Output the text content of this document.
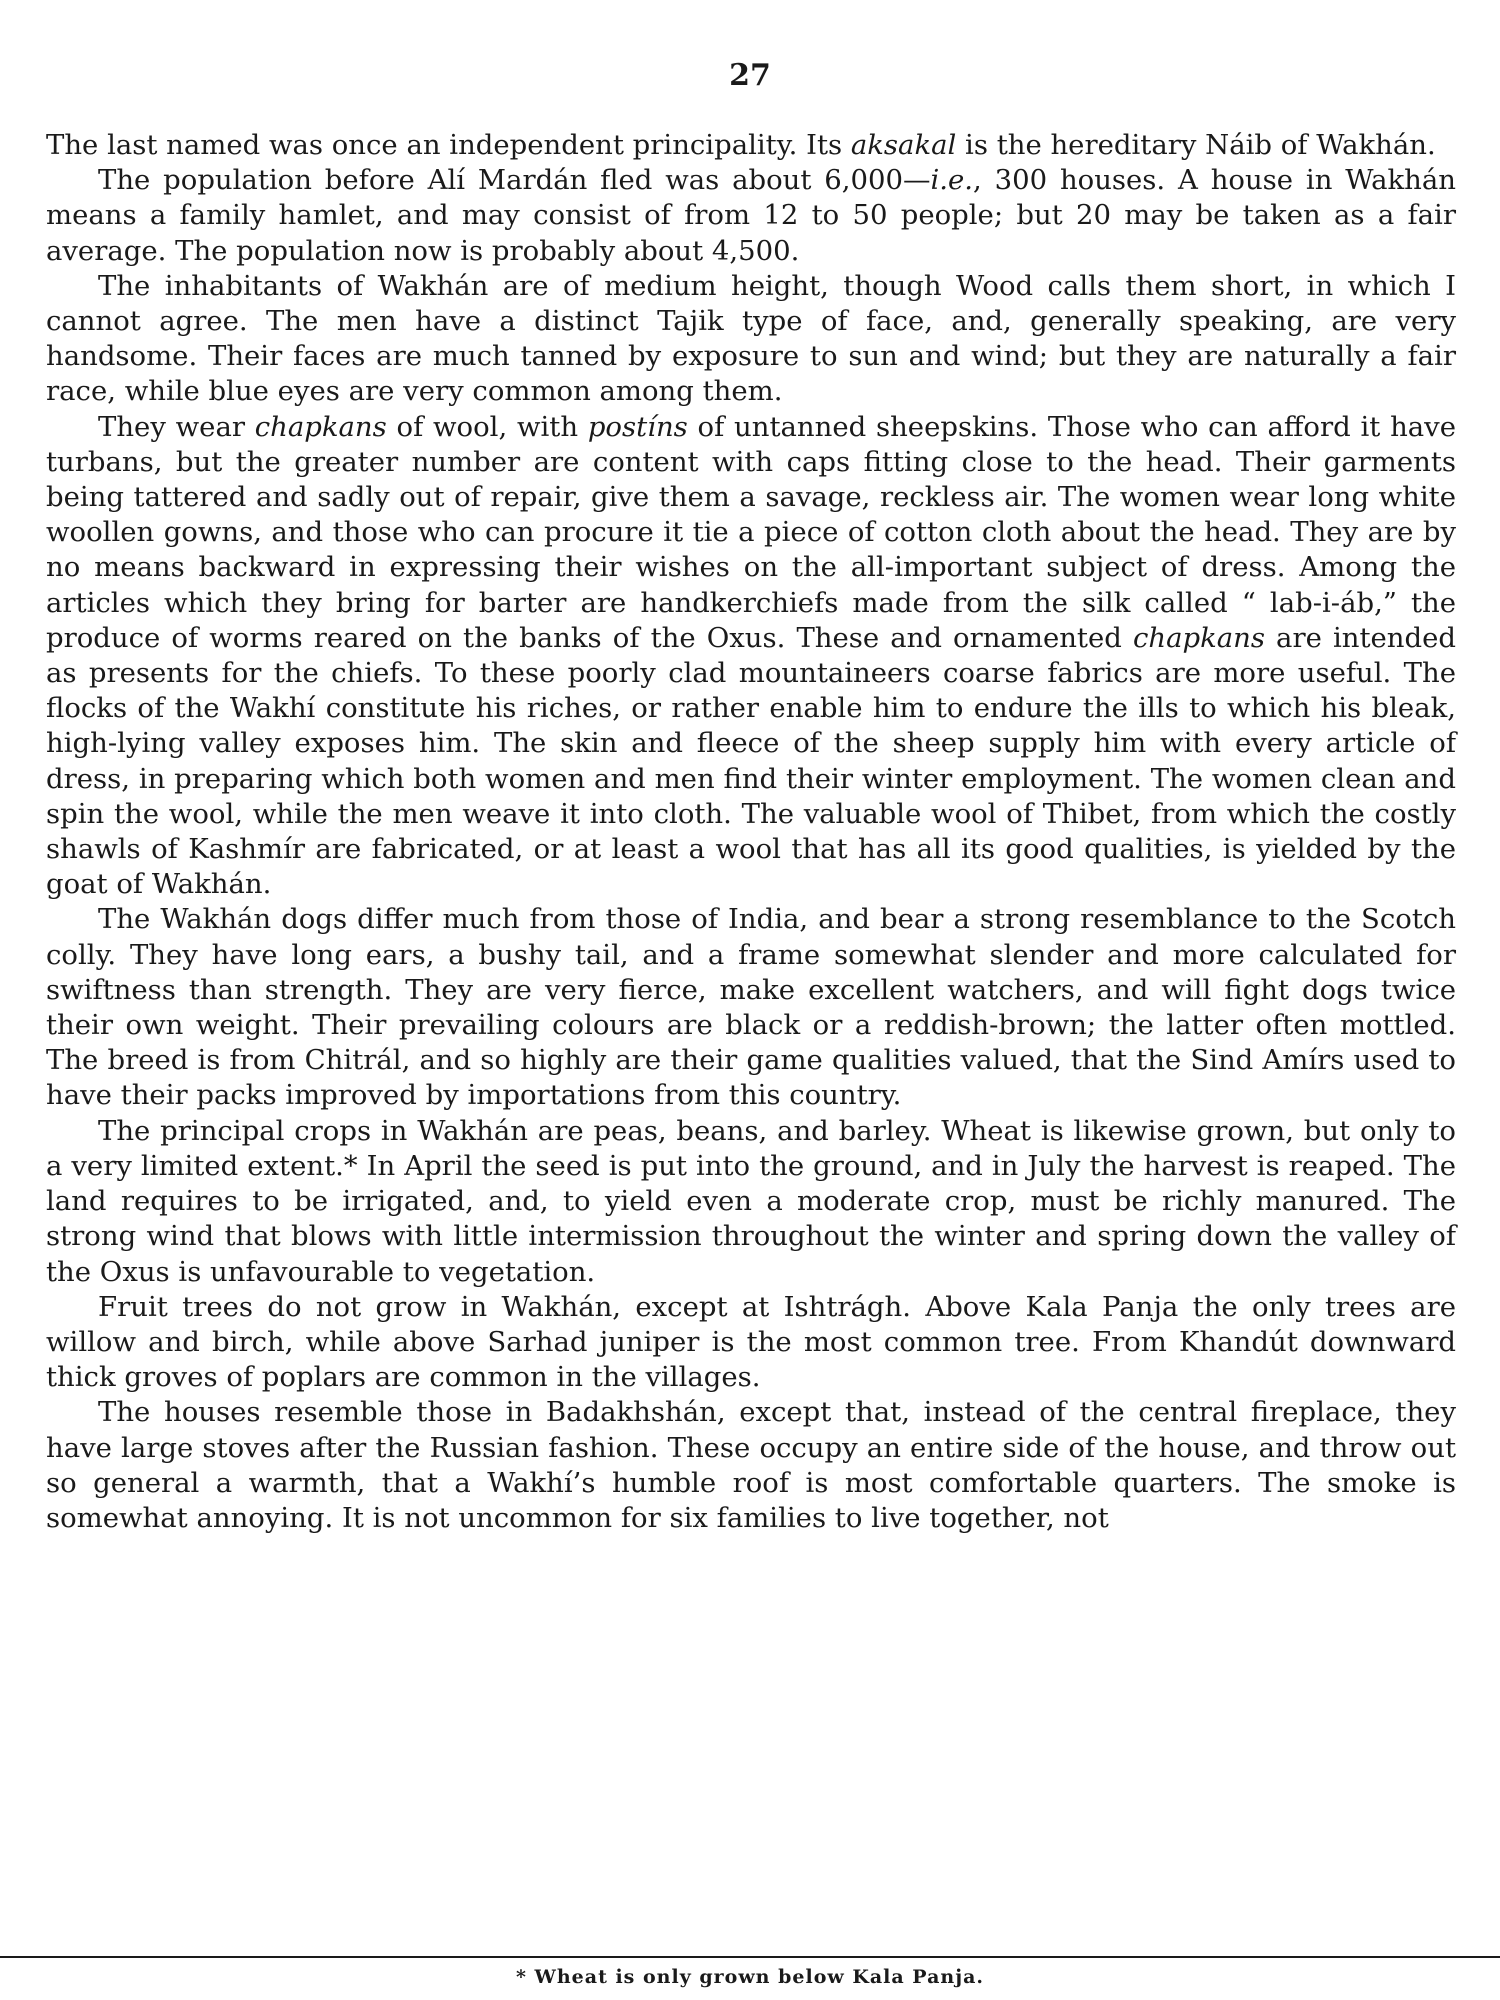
27

The last named was once an independent principality. Its aksakal is the hereditary Náib of Wakhán.

The population before Alí Mardán fled was about 6,000—i.e., 300 houses. A house in Wakhán means a family hamlet, and may consist of from 12 to 50 people; but 20 may be taken as a fair average. The population now is probably about 4,500.

The inhabitants of Wakhán are of medium height, though Wood calls them short, in which I cannot agree. The men have a distinct Tajik type of face, and, generally speaking, are very handsome. Their faces are much tanned by exposure to sun and wind; but they are naturally a fair race, while blue eyes are very common among them.

They wear chapkans of wool, with postíns of untanned sheepskins. Those who can afford it have turbans, but the greater number are content with caps fitting close to the head. Their garments being tattered and sadly out of repair, give them a savage, reckless air. The women wear long white woollen gowns, and those who can procure it tie a piece of cotton cloth about the head. They are by no means backward in expressing their wishes on the all-important subject of dress. Among the articles which they bring for barter are handkerchiefs made from the silk called “ lab-i-áb,” the produce of worms reared on the banks of the Oxus. These and ornamented chapkans are intended as presents for the chiefs. To these poorly clad mountaineers coarse fabrics are more useful. The flocks of the Wakhí constitute his riches, or rather enable him to endure the ills to which his bleak, high-lying valley exposes him. The skin and fleece of the sheep supply him with every article of dress, in preparing which both women and men find their winter employment. The women clean and spin the wool, while the men weave it into cloth. The valuable wool of Thibet, from which the costly shawls of Kashmír are fabricated, or at least a wool that has all its good qualities, is yielded by the goat of Wakhán.

The Wakhán dogs differ much from those of India, and bear a strong resemblance to the Scotch colly. They have long ears, a bushy tail, and a frame somewhat slender and more calculated for swiftness than strength. They are very fierce, make excellent watchers, and will fight dogs twice their own weight. Their prevailing colours are black or a reddish-brown; the latter often mottled. The breed is from Chitrál, and so highly are their game qualities valued, that the Sind Amírs used to have their packs improved by importations from this country.

The principal crops in Wakhán are peas, beans, and barley. Wheat is likewise grown, but only to a very limited extent.* In April the seed is put into the ground, and in July the harvest is reaped. The land requires to be irrigated, and, to yield even a moderate crop, must be richly manured. The strong wind that blows with little intermission throughout the winter and spring down the valley of the Oxus is unfavourable to vegetation.

Fruit trees do not grow in Wakhán, except at Ishtrágh. Above Kala Panja the only trees are willow and birch, while above Sarhad juniper is the most common tree. From Khandút downward thick groves of poplars are common in the villages.

The houses resemble those in Badakhshán, except that, instead of the central fireplace, they have large stoves after the Russian fashion. These occupy an entire side of the house, and throw out so general a warmth, that a Wakhí’s humble roof is most comfortable quarters. The smoke is somewhat annoying. It is not uncommon for six families to live together, not

* Wheat is only grown below Kala Panja.
